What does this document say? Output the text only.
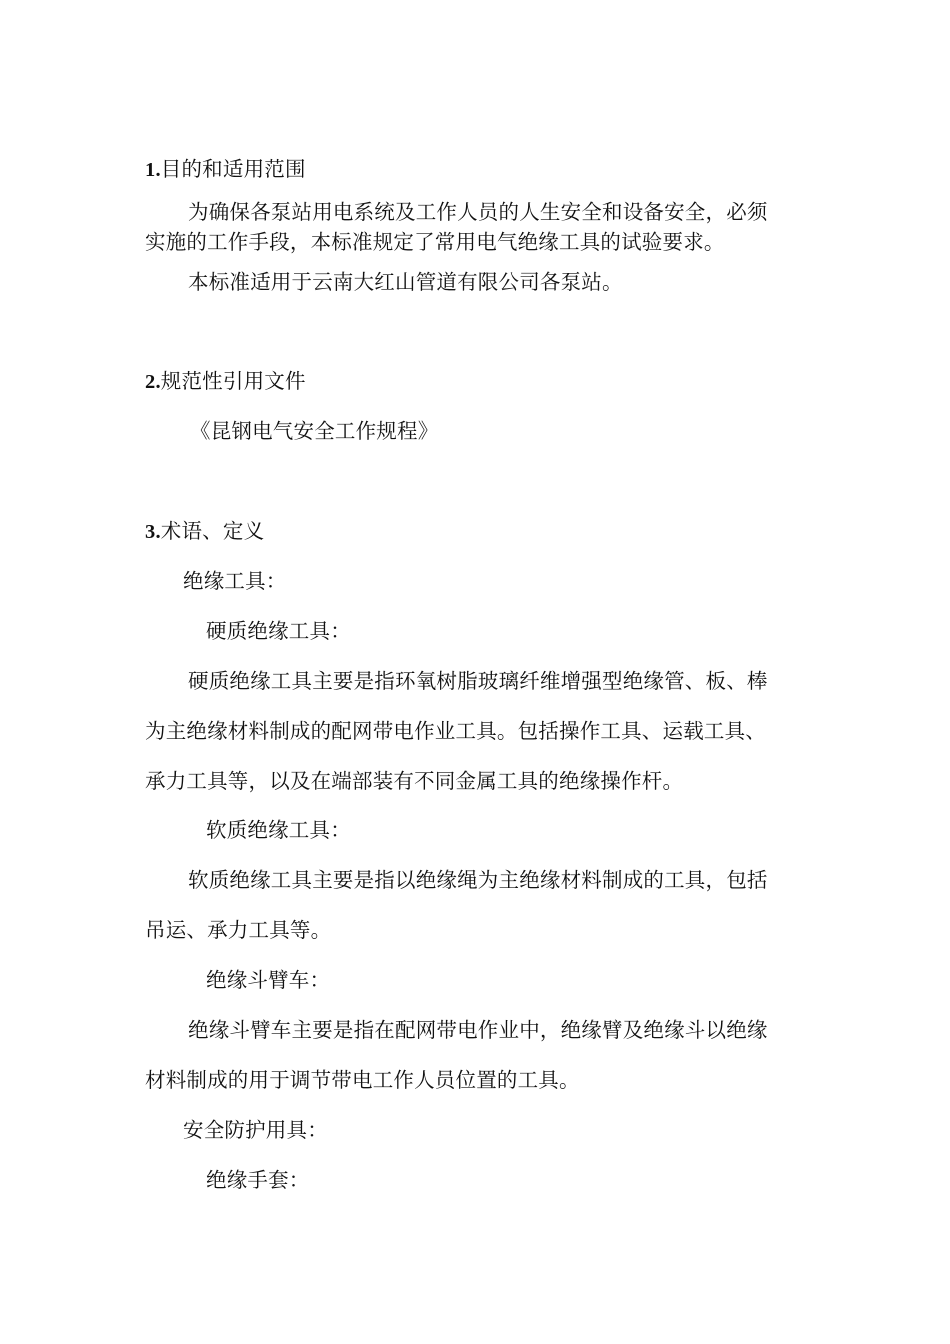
1.目的和适用范围
为确保各泵站用电系统及工作人员的人生安全和设备安全，必须
实施的工作手段，本标准规定了常用电气绝缘工具的试验要求。
本标准适用于云南大红山管道有限公司各泵站。
2.规范性引用文件
《昆钢电气安全工作规程》
3.术语、定义
绝缘工具：
硬质绝缘工具：
硬质绝缘工具主要是指环氧树脂玻璃纤维增强型绝缘管、板、棒
为主绝缘材料制成的配网带电作业工具。包括操作工具、运载工具、
承力工具等，以及在端部装有不同金属工具的绝缘操作杆。
软质绝缘工具：
软质绝缘工具主要是指以绝缘绳为主绝缘材料制成的工具，包括
吊运、承力工具等。
绝缘斗臂车：
绝缘斗臂车主要是指在配网带电作业中，绝缘臂及绝缘斗以绝缘
材料制成的用于调节带电工作人员位置的工具。
安全防护用具：
绝缘手套：
